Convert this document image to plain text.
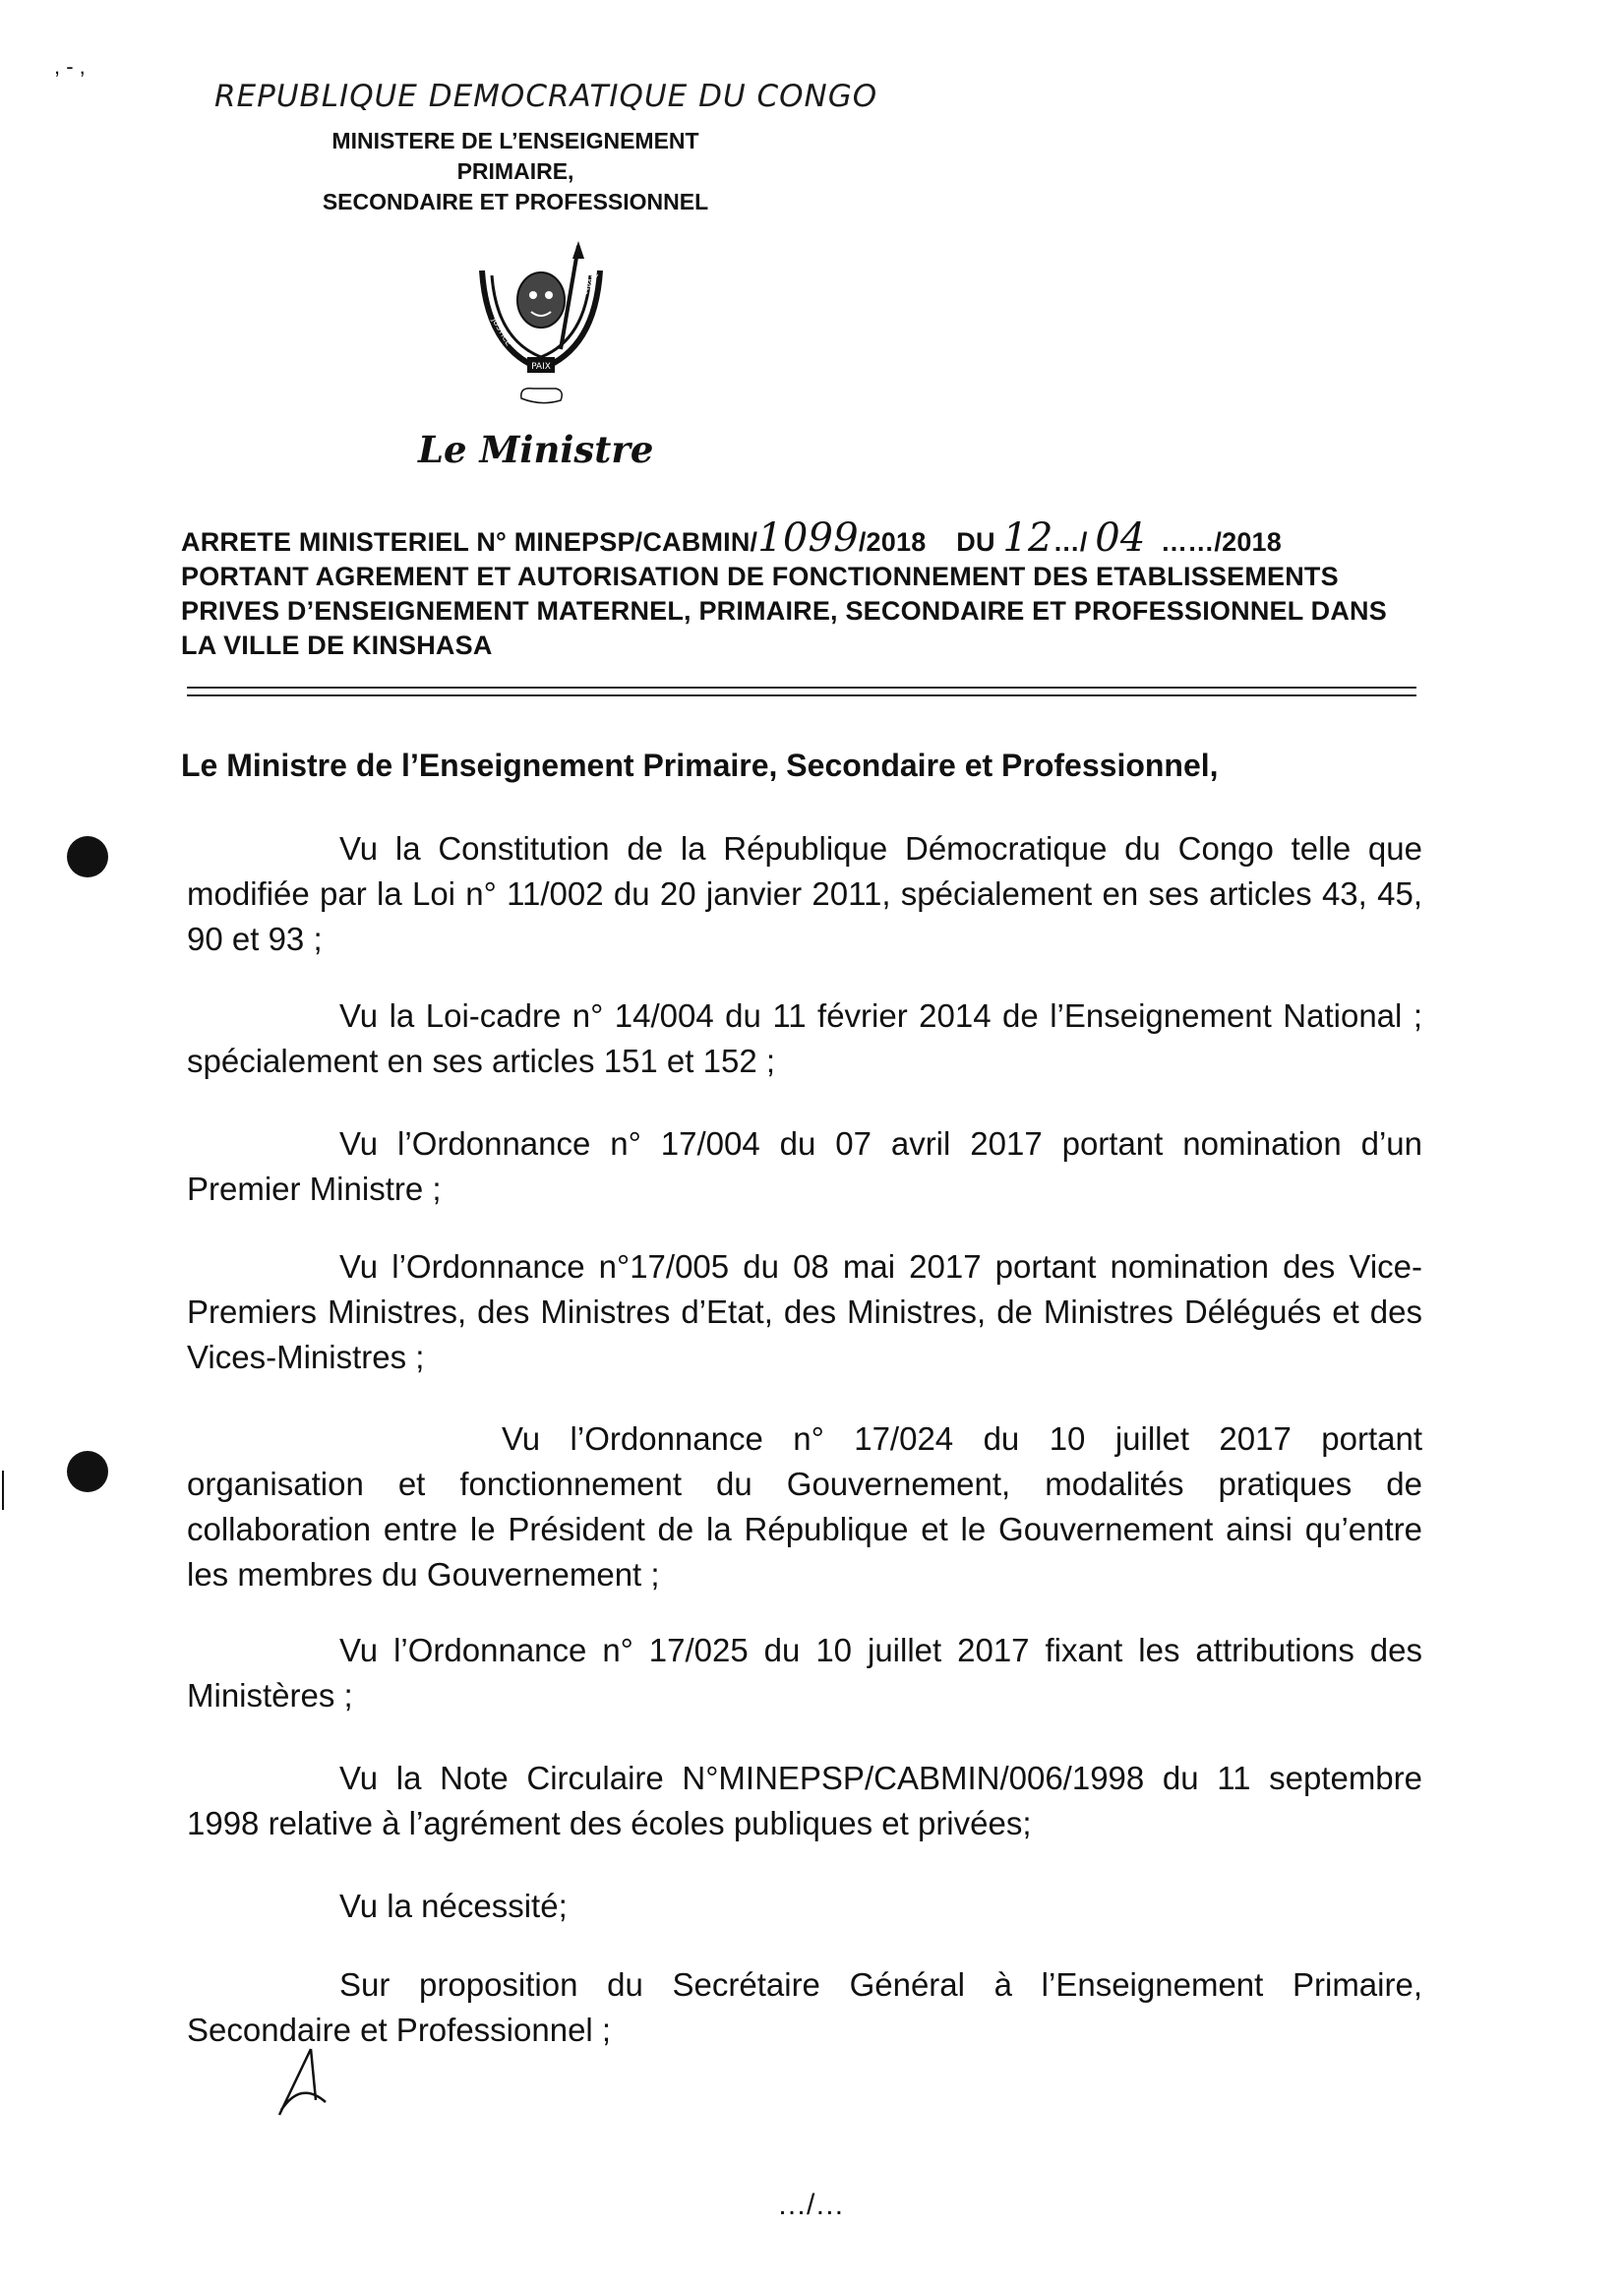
, - ,
REPUBLIQUE DEMOCRATIQUE DU CONGO
MINISTERE DE L’ENSEIGNEMENT PRIMAIRE,
SECONDAIRE ET PROFESSIONNEL
PAIX
JUSTICE
TRAVAIL
Le Ministre
ARRETE MINISTERIEL N° MINEPSP/CABMIN/1099/2018 DU 12…/ 04  ……/2018
PORTANT AGREMENT ET AUTORISATION DE FONCTIONNEMENT DES ETABLISSEMENTS PRIVES D’ENSEIGNEMENT MATERNEL, PRIMAIRE, SECONDAIRE ET PROFESSIONNEL DANS LA VILLE DE KINSHASA
Le Ministre de l’Enseignement Primaire, Secondaire et Professionnel,
Vu la Constitution de la République Démocratique du Congo telle que modifiée par la Loi n° 11/002 du 20 janvier 2011, spécialement en ses articles 43, 45, 90 et 93 ;
Vu la Loi-cadre n° 14/004 du 11 février 2014 de l’Enseignement National ; spécialement en ses articles 151 et 152 ;
Vu l’Ordonnance n° 17/004 du 07 avril 2017 portant nomination d’un Premier Ministre ;
Vu l’Ordonnance n°17/005 du 08 mai 2017 portant nomination des Vice-Premiers Ministres, des Ministres d’Etat, des Ministres, de Ministres Délégués et des Vices-Ministres ;
Vu l’Ordonnance n° 17/024 du 10 juillet 2017 portant organisation et fonctionnement du Gouvernement, modalités pratiques de collaboration entre le Président de la République et le Gouvernement ainsi qu’entre les membres du Gouvernement ;
Vu l’Ordonnance n° 17/025 du 10 juillet 2017 fixant les attributions des Ministères ;
Vu la Note Circulaire N°MINEPSP/CABMIN/006/1998 du 11 septembre 1998 relative à l’agrément des écoles publiques et privées;
Vu la nécessité;
Sur proposition du Secrétaire Général à l’Enseignement Primaire, Secondaire et Professionnel ;
…/…
